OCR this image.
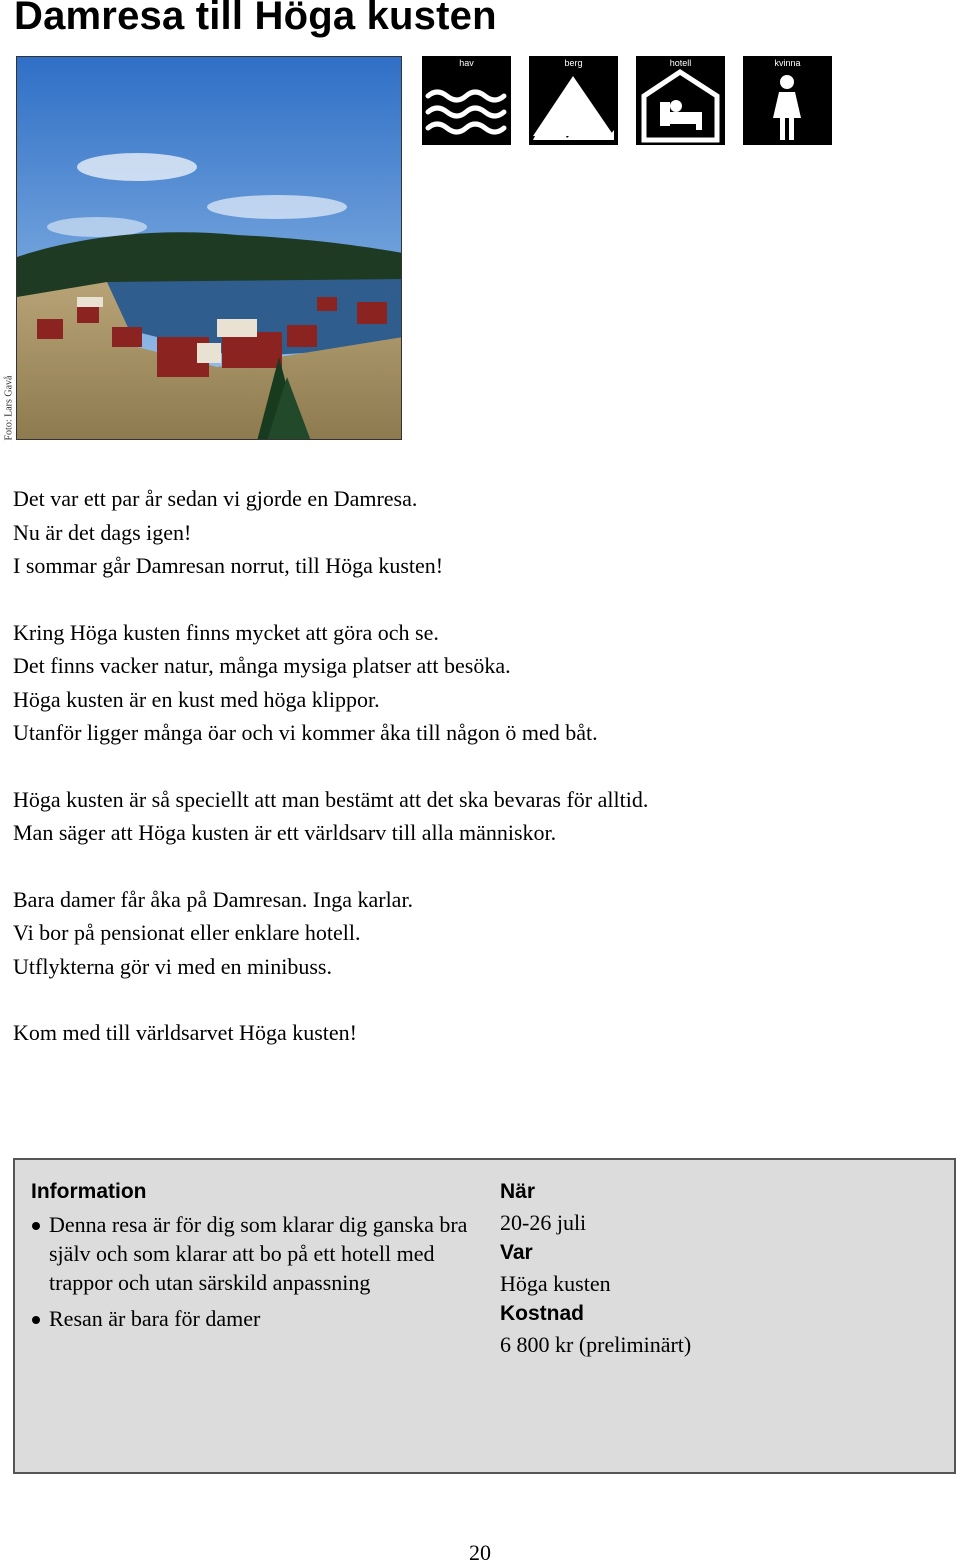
Damresa till Höga kusten
Foto: Lars Gavå
hav	berg	hotell	kvinna

Det var ett par år sedan vi gjorde en Damresa.

Nu är det dags igen!

I sommar går Damresan norrut, till Höga kusten!

Kring Höga kusten finns mycket att göra och se.

Det finns vacker natur, många mysiga platser att besöka.

Höga kusten är en kust med höga klippor.

Utanför ligger många öar och vi kommer åka till någon ö med båt.

Höga kusten är så speciellt att man bestämt att det ska bevaras för alltid.

Man säger att Höga kusten är ett världsarv till alla människor.

Bara damer får åka på Damresan. Inga karlar.

Vi bor på pensionat eller enklare hotell.

Utflykterna gör vi med en minibuss.

Kom med till världsarvet Höga kusten!

Information
Denna resa är för dig som klarar dig ganska bra själv och som klarar att bo på ett hotell med trappor och utan särskild anpassning
Resan är bara för damer
När
20-26 juli
Var
Höga kusten
Kostnad
6 800 kr (preliminärt)
20
